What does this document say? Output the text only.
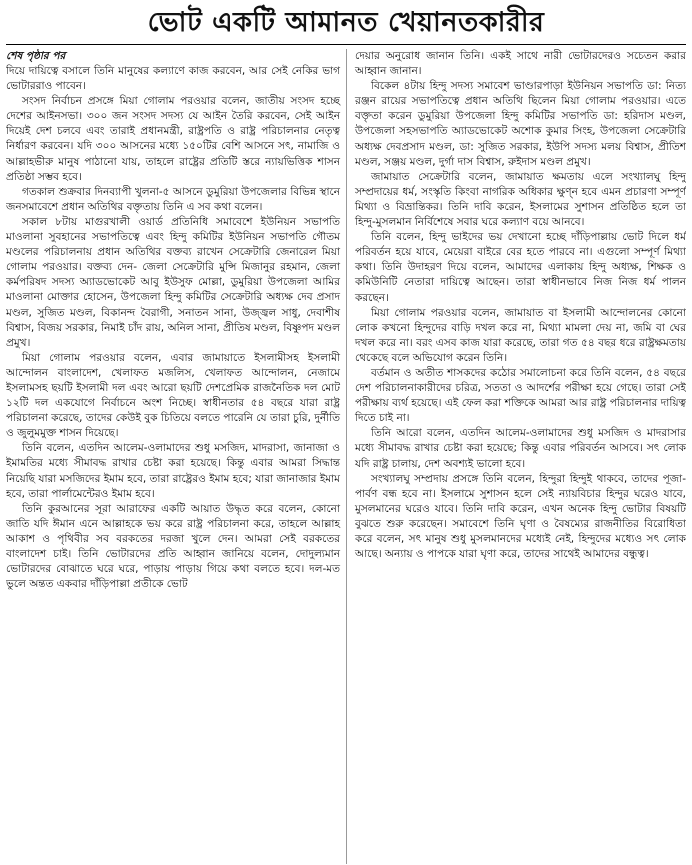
ভোট একটি আমানত খেয়ানতকারীর
শেষ পৃষ্ঠার পর

দিয়ে দায়িত্বে বসালে তিনি মানুষের কল্যাণে কাজ করবেন, আর সেই নেকির ভাগ ভোটাররাও পাবেন।

সংসদ নির্বাচন প্রসঙ্গে মিয়া গোলাম পরওয়ার বলেন, জাতীয় সংসদ হচ্ছে দেশের আইনসভা। ৩০০ জন সংসদ সদস্য যে আইন তৈরি করবেন, সেই আইন দিয়েই দেশ চলবে এবং তারাই প্রধানমন্ত্রী, রাষ্ট্রপতি ও রাষ্ট্র পরিচালনার নেতৃত্ব নির্ধারণ করবেন। যদি ৩০০ আসনের মধ্যে ১৫০টির বেশি আসনে সৎ, নামাজি ও আল্লাহভীরু মানুষ পাঠানো যায়, তাহলে রাষ্ট্রের প্রতিটি স্তরে ন্যায়ভিত্তিক শাসন প্রতিষ্ঠা সম্ভব হবে।

গতকাল শুক্রবার দিনব্যাপী খুলনা-৫ আসনে ডুমুরিয়া উপজেলার বিভিন্ন স্থানে জনসমাবেশে প্রধান অতিথির বক্তৃতায় তিনি এ সব কথা বলেন।

সকাল ৮টায় মাগুরখালী ওয়ার্ড প্রতিনিধি সমাবেশে ইউনিয়ন সভাপতি মাওলানা সুবহানের সভাপতিত্বে এবং হিন্দু কমিটির ইউনিয়ন সভাপতি গৌতম মণ্ডলের পরিচালনায় প্রধান অতিথির বক্তব্য রাখেন সেক্রেটারি জেনারেল মিয়া গোলাম পরওয়ার। বক্তব্য দেন- জেলা সেক্রেটারি মুন্সি মিজানুর রহমান, জেলা কর্মপরিষদ সদস্য অ্যাডভোকেট আবু ইউসুফ মোল্লা, ডুমুরিয়া উপজেলা আমির মাওলানা মোক্তার হোসেন, উপজেলা হিন্দু কমিটির সেক্রেটারি অধ্যক্ষ দেব প্রসাদ মণ্ডল, সুজিত মণ্ডল, বিকানন্দ বৈরাগী, সনাতন সানা, উজ্জ্বল সাধু, দেবাশীষ বিশ্বাস, বিজয় সরকার, নিমাই চাঁদ রায়, অনিল সানা, প্রীতিষ মণ্ডল, বিষ্ণুপদ মণ্ডল প্রমুখ।

মিয়া গোলাম পরওয়ার বলেন, এবার জামায়াতে ইসলামীসহ ইসলামী আন্দোলন বাংলাদেশ, খেলাফত মজলিস, খেলাফত আন্দোলন, নেজামে ইসলামসহ ছয়টি ইসলামী দল এবং আরো ছয়টি দেশপ্রেমিক রাজনৈতিক দল মোট ১২টি দল একযোগে নির্বাচনে অংশ নিচ্ছে। স্বাধীনতার ৫৪ বছরে যারা রাষ্ট্র পরিচালনা করেছে, তাদের কেউই বুক চিতিয়ে বলতে পারেনি যে তারা চুরি, দুর্নীতি ও জুলুমমুক্ত শাসন দিয়েছে।

তিনি বলেন, এতদিন আলেম-ওলামাদের শুধু মসজিদ, মাদরাসা, জানাজা ও ইমামতির মধ্যে সীমাবদ্ধ রাখার চেষ্টা করা হয়েছে। কিন্তু এবার আমরা সিদ্ধান্ত নিয়েছি যারা মসজিদের ইমাম হবে, তারা রাষ্ট্রেরও ইমাম হবে; যারা জানাজার ইমাম হবে, তারা পার্লামেন্টেরও ইমাম হবে।

তিনি কুরআনের সূরা আরাফের একটি আয়াত উদ্ধৃত করে বলেন, কোনো জাতি যদি ঈমান এনে আল্লাহকে ভয় করে রাষ্ট্র পরিচালনা করে, তাহলে আল্লাহ আকাশ ও পৃথিবীর সব বরকতের দরজা খুলে দেন। আমরা সেই বরকতের বাংলাদেশ চাই। তিনি ভোটারদের প্রতি আহ্বান জানিয়ে বলেন, দোদুল্যমান ভোটারদের বোঝাতে ঘরে ঘরে, পাড়ায় পাড়ায় গিয়ে কথা বলতে হবে। দল-মত ভুলে অন্তত একবার দাঁড়িপাল্লা প্রতীকে ভোট

দেয়ার অনুরোধ জানান তিনি। একই সাথে নারী ভোটারদেরও সচেতন করার আহ্বান জানান।

বিকেল ৪টায় হিন্দু সদস্য সমাবেশ ভাণ্ডারপাড়া ইউনিয়ন সভাপতি ডা: নিত্য রঞ্জন রায়ের সভাপতিত্বে প্রধান অতিথি ছিলেন মিয়া গোলাম পরওয়ার। এতে বক্তৃতা করেন ডুমুরিয়া উপজেলা হিন্দু কমিটির সভাপতি ডা: হরিদাস মণ্ডল, উপজেলা সহসভাপতি অ্যাডভোকেট অশোক কুমার সিংহ, উপজেলা সেক্রেটারি অধ্যক্ষ দেবপ্রসাদ মণ্ডল, ডা: সুজিত সরকার, ইউপি সদস্য মলয় বিশ্বাস, প্রীতিশ মণ্ডল, সঞ্জয় মণ্ডল, দুর্গা দাস বিশ্বাস, রুইদাস মণ্ডল প্রমুখ।

জামায়াত সেক্রেটারি বলেন, জামায়াত ক্ষমতায় এলে সংখ্যালঘু হিন্দু সম্প্রদায়ের ধর্ম, সংস্কৃতি কিংবা নাগরিক অধিকার ক্ষুণ্ন হবে এমন প্রচারণা সম্পূর্ণ মিথ্যা ও বিভ্রান্তিকর। তিনি দাবি করেন, ইসলামের সুশাসন প্রতিষ্ঠিত হলে তা হিন্দু-মুসলমান নির্বিশেষে সবার ঘরে কল্যাণ বয়ে আনবে।

তিনি বলেন, হিন্দু ভাইদের ভয় দেখানো হচ্ছে দাঁড়িপাল্লায় ভোট দিলে ধর্ম পরিবর্তন হয়ে যাবে, মেয়েরা বাইরে বের হতে পারবে না। এগুলো সম্পূর্ণ মিথ্যা কথা। তিনি উদাহরণ দিয়ে বলেন, আমাদের এলাকায় হিন্দু অধ্যক্ষ, শিক্ষক ও কমিউনিটি নেতারা দায়িত্বে আছেন। তারা স্বাধীনভাবে নিজ নিজ ধর্ম পালন করছেন।

মিয়া গোলাম পরওয়ার বলেন, জামায়াত বা ইসলামী আন্দোলনের কোনো লোক কখনো হিন্দুদের বাড়ি দখল করে না, মিথ্যা মামলা দেয় না, জমি বা ঘের দখল করে না। বরং এসব কাজ যারা করেছে, তারা গত ৫৪ বছর ধরে রাষ্ট্রক্ষমতায় থেকেছে বলে অভিযোগ করেন তিনি।

বর্তমান ও অতীত শাসকদের কঠোর সমালোচনা করে তিনি বলেন, ৫৪ বছরে দেশ পরিচালনাকারীদের চরিত্র, সততা ও আদর্শের পরীক্ষা হয়ে গেছে। তারা সেই পরীক্ষায় ব্যর্থ হয়েছে। এই ফেল করা শক্তিকে আমরা আর রাষ্ট্র পরিচালনার দায়িত্ব দিতে চাই না।

তিনি আরো বলেন, এতদিন আলেম-ওলামাদের শুধু মসজিদ ও মাদরাসার মধ্যে সীমাবদ্ধ রাখার চেষ্টা করা হয়েছে; কিন্তু এবার পরিবর্তন আসবে। সৎ লোক যদি রাষ্ট্র চালায়, দেশ অবশ্যই ভালো হবে।

সংখ্যালঘু সম্প্রদায় প্রসঙ্গে তিনি বলেন, হিন্দুরা হিন্দুই থাকবে, তাদের পূজা-পার্বণ বন্ধ হবে না। ইসলামে সুশাসন হলে সেই ন্যায়বিচার হিন্দুর ঘরেও যাবে, মুসলমানের ঘরেও যাবে। তিনি দাবি করেন, এখন অনেক হিন্দু ভোটার বিষয়টি বুঝতে শুরু করেছেন। সমাবেশে তিনি ঘৃণা ও বৈষম্যের রাজনীতির বিরোধিতা করে বলেন, সৎ মানুষ শুধু মুসলমানদের মধ্যেই নেই, হিন্দুদের মধ্যেও সৎ লোক আছে। অন্যায় ও পাপকে যারা ঘৃণা করে, তাদের সাথেই আমাদের বন্ধুত্ব।
